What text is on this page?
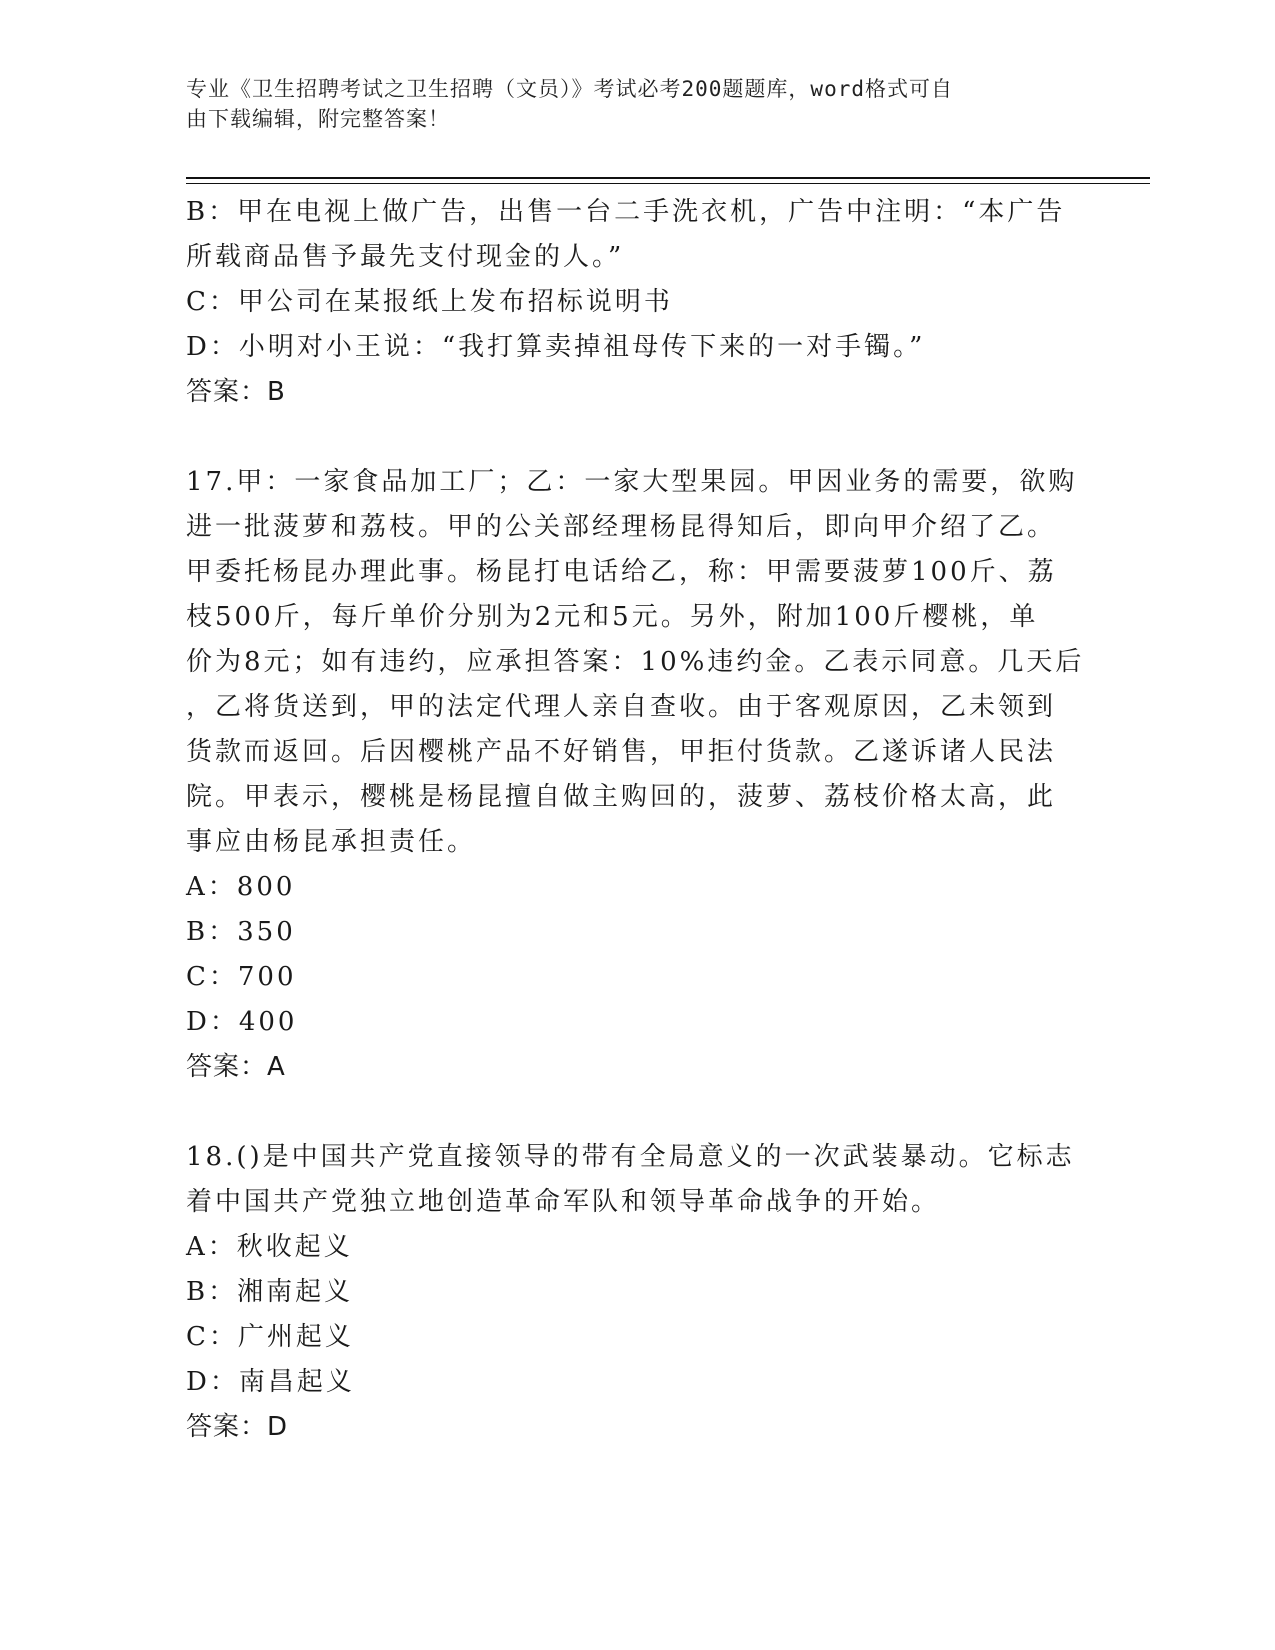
专业《卫生招聘考试之卫生招聘（文员）》考试必考200题题库，word格式可自
由下载编辑，附完整答案！

B：甲在电视上做广告，出售一台二手洗衣机，广告中注明：“本广告

所载商品售予最先支付现金的人。”

C：甲公司在某报纸上发布招标说明书

D：小明对小王说：“我打算卖掉祖母传下来的一对手镯。”

答案：B

17.甲：一家食品加工厂；乙：一家大型果园。甲因业务的需要，欲购

进一批菠萝和荔枝。甲的公关部经理杨昆得知后，即向甲介绍了乙。

甲委托杨昆办理此事。杨昆打电话给乙，称：甲需要菠萝100斤、荔

枝500斤，每斤单价分别为2元和5元。另外，附加100斤樱桃，单

价为8元；如有违约，应承担答案：10%违约金。乙表示同意。几天后

，乙将货送到，甲的法定代理人亲自查收。由于客观原因，乙未领到

货款而返回。后因樱桃产品不好销售，甲拒付货款。乙遂诉诸人民法

院。甲表示，樱桃是杨昆擅自做主购回的，菠萝、荔枝价格太高，此

事应由杨昆承担责任。

A：800

B：350

C：700

D：400

答案：A

18.()是中国共产党直接领导的带有全局意义的一次武装暴动。它标志

着中国共产党独立地创造革命军队和领导革命战争的开始。

A：秋收起义

B：湘南起义

C：广州起义

D：南昌起义

答案：D
